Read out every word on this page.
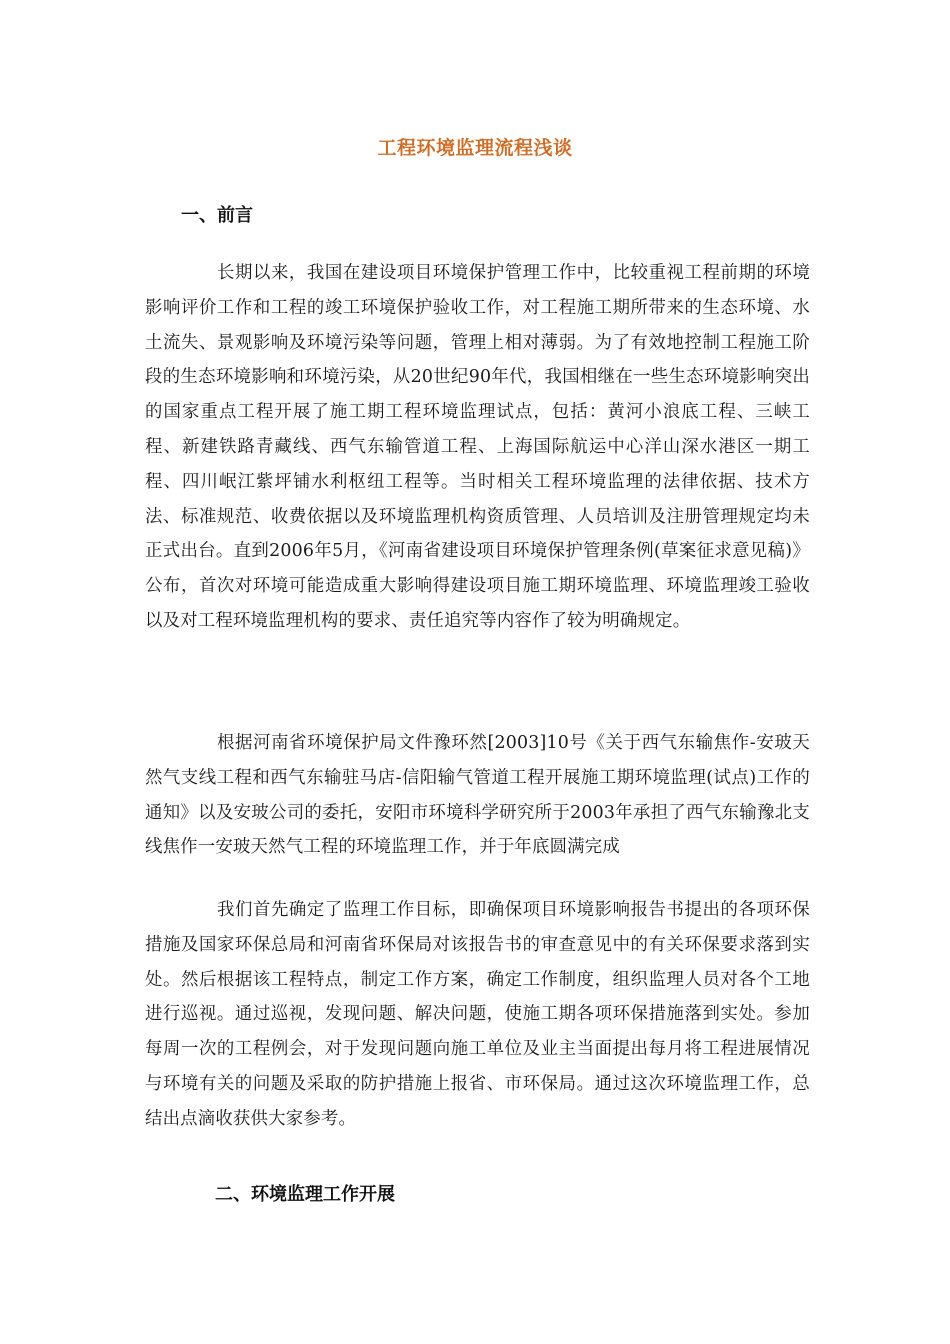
工程环境监理流程浅谈
一、前言

长期以来，我国在建设项目环境保护管理工作中，比较重视工程前期的环境影响评价工作和工程的竣工环境保护验收工作，对工程施工期所带来的生态环境、水土流失、景观影响及环境污染等问题，管理上相对薄弱。为了有效地控制工程施工阶段的生态环境影响和环境污染，从20世纪90年代，我国相继在一些生态环境影响突出的国家重点工程开展了施工期工程环境监理试点，包括：黄河小浪底工程、三峡工程、新建铁路青藏线、西气东输管道工程、上海国际航运中心洋山深水港区一期工程、四川岷江紫坪铺水利枢纽工程等。当时相关工程环境监理的法律依据、技术方法、标准规范、收费依据以及环境监理机构资质管理、人员培训及注册管理规定均未正式出台。直到2006年5月，《河南省建设项目环境保护管理条例(草案征求意见稿)》公布，首次对环境可能造成重大影响得建设项目施工期环境监理、环境监理竣工验收以及对工程环境监理机构的要求、责任追究等内容作了较为明确规定。

根据河南省环境保护局文件豫环然[2003]10号《关于西气东输焦作-安玻天然气支线工程和西气东输驻马店-信阳输气管道工程开展施工期环境监理(试点)工作的通知》以及安玻公司的委托，安阳市环境科学研究所于2003年承担了西气东输豫北支线焦作一安玻天然气工程的环境监理工作，并于年底圆满完成

我们首先确定了监理工作目标，即确保项目环境影响报告书提出的各项环保措施及国家环保总局和河南省环保局对该报告书的审查意见中的有关环保要求落到实处。然后根据该工程特点，制定工作方案，确定工作制度，组织监理人员对各个工地进行巡视。通过巡视，发现问题、解决问题，使施工期各项环保措施落到实处。参加每周一次的工程例会，对于发现问题向施工单位及业主当面提出每月将工程进展情况与环境有关的问题及采取的防护措施上报省、市环保局。通过这次环境监理工作，总结出点滴收获供大家参考。

二、环境监理工作开展
